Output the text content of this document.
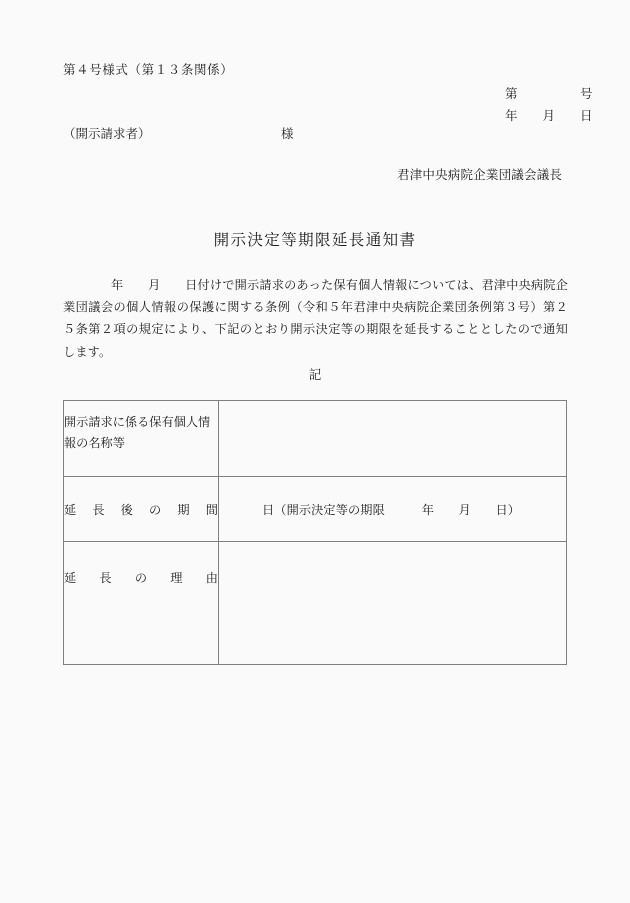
第４号様式（第１３条関係）
第　　　　　号
年　　月　　日
（開示請求者）	様
君津中央病院企業団議会議長
開示決定等期限延長通知書
年　　月　　日付けで開示請求のあった保有個人情報については、君津中央病院企業団議会の個人情報の保護に関する条例（令和５年君津中央病院企業団条例第３号）第２５条第２項の規定により、下記のとおり開示決定等の期限を延長することとしたので通知します。
記
開示請求に係る保有個人情報の名称等	

延長後の期間	日（開示決定等の期限　　　年　　月　　日）

延長の理由	
